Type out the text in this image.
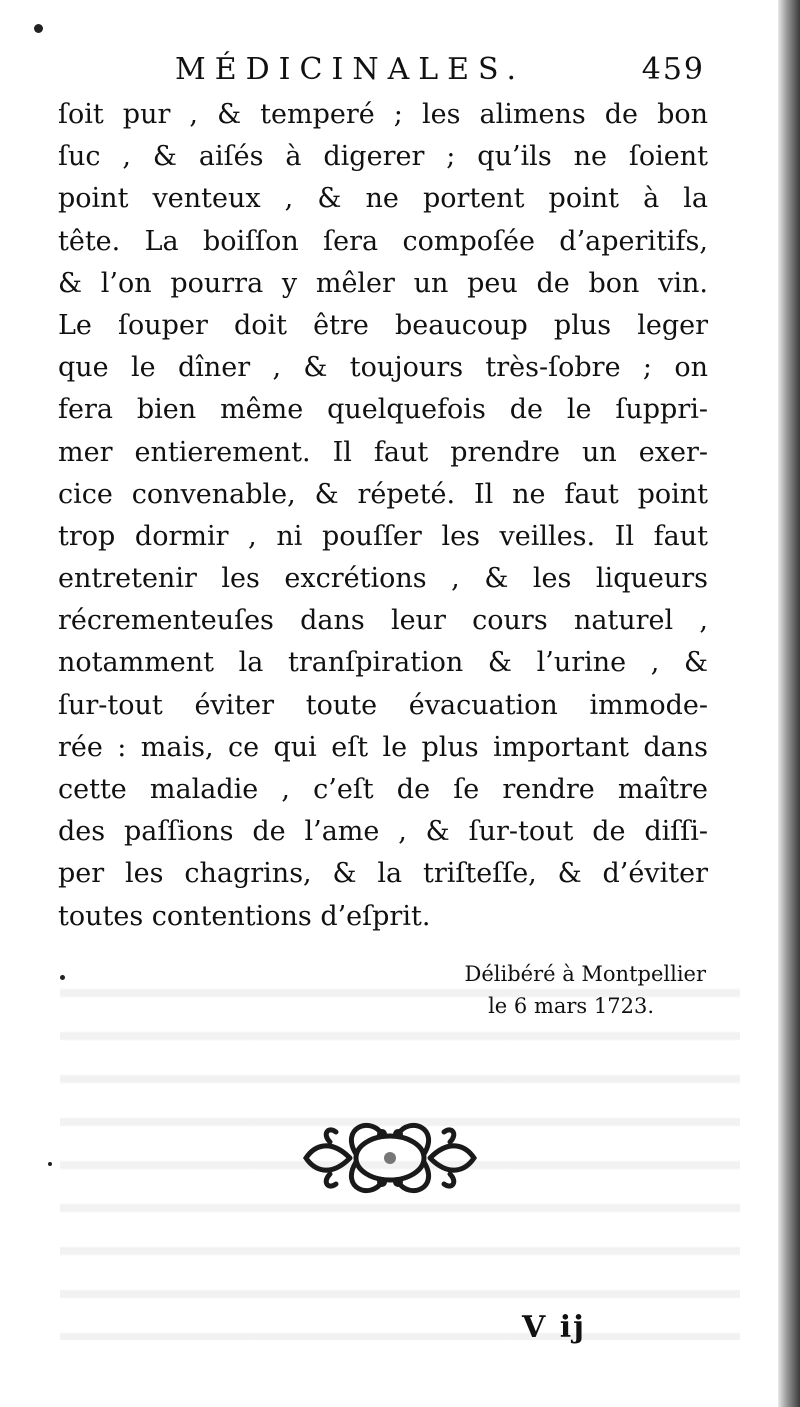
MÉDICINALES.	459
ſoit pur , & temperé ; les alimens de bon
ſuc , & aiſés à digerer ; qu’ils ne ſoient
point venteux , & ne portent point à la
tête. La boiſſon ſera compoſée d’aperitifs,
& l’on pourra y mêler un peu de bon vin.
Le ſouper doit être beaucoup plus leger
que le dîner , & toujours très-ſobre ; on
fera bien même quelquefois de le ſuppri-
mer entierement. Il faut prendre un exer-
cice convenable, & répeté. Il ne faut point
trop dormir , ni pouſſer les veilles. Il faut
entretenir les excrétions , & les liqueurs
récrementeuſes dans leur cours naturel ,
notamment la tranſpiration & l’urine , &
ſur-tout éviter toute évacuation immode-
rée : mais, ce qui eſt le plus important dans
cette maladie , c’eſt de ſe rendre maître
des paſſions de l’ame , & ſur-tout de diſſi-
per les chagrins, & la triſteſſe, & d’éviter
toutes contentions d’eſprit.
Délibéré à Montpellier
le 6 mars 1723.
V ij
